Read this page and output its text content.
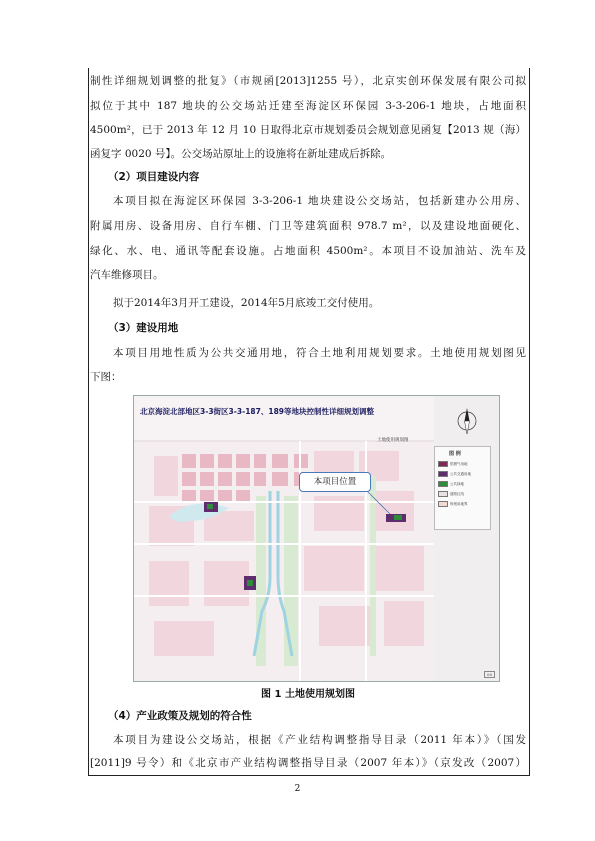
制性详细规划调整的批复》（市规函[2013]1255 号），北京实创环保发展有限公司拟
拟位于其中 187 地块的公交场站迁建至海淀区环保园 3-3-206-1 地块，占地面积
4500m²，已于 2013 年 12 月 10 日取得北京市规划委员会规划意见函复【2013 规（海）
函复字 0020 号】。公交场站原址上的设施将在新址建成后拆除。
（2）项目建设内容
本项目拟在海淀区环保园 3-3-206-1 地块建设公交场站，包括新建办公用房、
附属用房、设备用房、自行车棚、门卫等建筑面积 978.7 m²，以及建设地面硬化、
绿化、水、电、通讯等配套设施。占地面积 4500m²。本项目不设加油站、洗车及
汽车维修项目。
拟于2014年3月开工建设，2014年5月底竣工交付使用。
（3）建设用地
本项目用地性质为公共交通用地，符合土地利用规划要求。土地使用规划图见
下图：
北京海淀北部地区3-3街区3-3-187、189等地块控制性详细规划调整
土地使用规划图
图 例
供燃气用地
公共交通用地
公共绿地
道路红线
规划用地界
本项目位置
06
图 1 土地使用规划图
（4）产业政策及规划的符合性
本项目为建设公交场站，根据《产业结构调整指导目录（2011 年本）》（国发
[2011]9 号令）和《北京市产业结构调整指导目录（2007 年本）》（京发改（2007）
2
